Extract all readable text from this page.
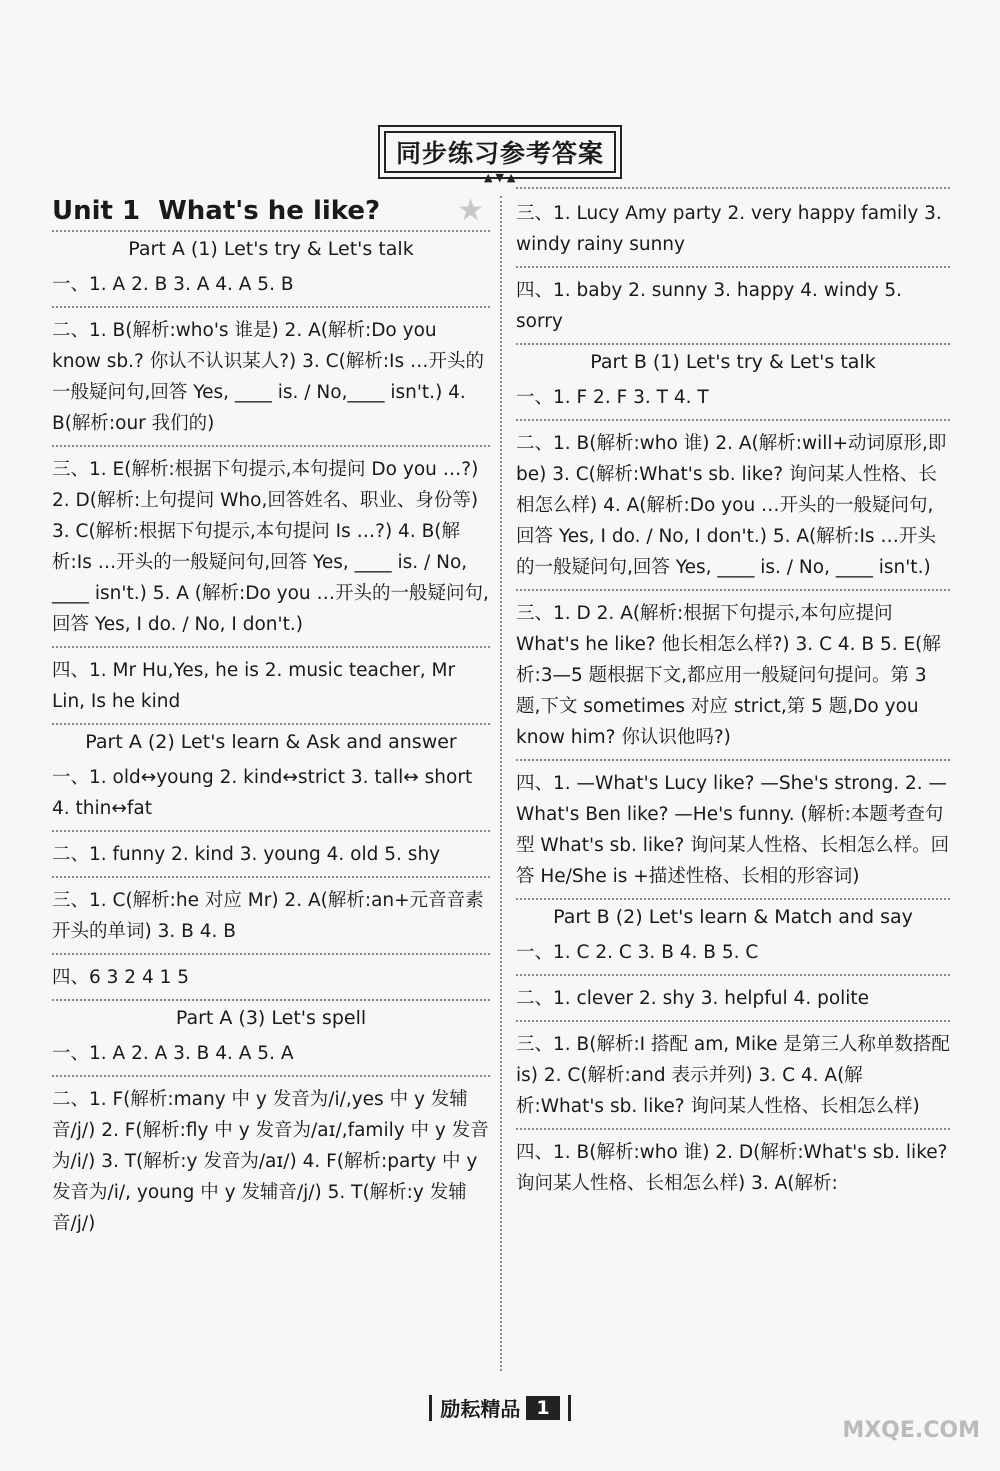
同步练习参考答案
▲▼▲
Unit 1 What's he like?	★
Part A (1) Let's try & Let's talk
一、1. A 2. B 3. A 4. A 5. B
二、1. B(解析:who's 谁是) 2. A(解析:Do you know sb.? 你认不认识某人?) 3. C(解析:Is …开头的一般疑问句,回答 Yes, ____ is. / No,____ isn't.) 4. B(解析:our 我们的)
三、1. E(解析:根据下句提示,本句提问 Do you …?) 2. D(解析:上句提问 Who,回答姓名、职业、身份等) 3. C(解析:根据下句提示,本句提问 Is …?) 4. B(解析:Is …开头的一般疑问句,回答 Yes, ____ is. / No, ____ isn't.) 5. A (解析:Do you …开头的一般疑问句,回答 Yes, I do. / No, I don't.)
四、1. Mr Hu,Yes, he is 2. music teacher, Mr Lin, Is he kind
Part A (2) Let's learn & Ask and answer
一、1. old↔young 2. kind↔strict 3. tall↔ short 4. thin↔fat
二、1. funny 2. kind 3. young 4. old 5. shy
三、1. C(解析:he 对应 Mr) 2. A(解析:an+元音音素开头的单词) 3. B 4. B
四、6 3 2 4 1 5
Part A (3) Let's spell
一、1. A 2. A 3. B 4. A 5. A
二、1. F(解析:many 中 y 发音为/i/,yes 中 y 发辅音/j/) 2. F(解析:fly 中 y 发音为/aɪ/,family 中 y 发音为/i/) 3. T(解析:y 发音为/aɪ/) 4. F(解析:party 中 y 发音为/i/, young 中 y 发辅音/j/) 5. T(解析:y 发辅音/j/)
三、1. Lucy Amy party 2. very happy family 3. windy rainy sunny
四、1. baby 2. sunny 3. happy 4. windy 5. sorry
Part B (1) Let's try & Let's talk
一、1. F 2. F 3. T 4. T
二、1. B(解析:who 谁) 2. A(解析:will+动词原形,即 be) 3. C(解析:What's sb. like? 询问某人性格、长相怎么样) 4. A(解析:Do you …开头的一般疑问句,回答 Yes, I do. / No, I don't.) 5. A(解析:Is …开头的一般疑问句,回答 Yes, ____ is. / No, ____ isn't.)
三、1. D 2. A(解析:根据下句提示,本句应提问 What's he like? 他长相怎么样?) 3. C 4. B 5. E(解析:3—5 题根据下文,都应用一般疑问句提问。第 3 题,下文 sometimes 对应 strict,第 5 题,Do you know him? 你认识他吗?)
四、1. —What's Lucy like? —She's strong. 2. —What's Ben like? —He's funny. (解析:本题考查句型 What's sb. like? 询问某人性格、长相怎么样。回答 He/She is +描述性格、长相的形容词)
Part B (2) Let's learn & Match and say
一、1. C 2. C 3. B 4. B 5. C
二、1. clever 2. shy 3. helpful 4. polite
三、1. B(解析:I 搭配 am, Mike 是第三人称单数搭配 is) 2. C(解析:and 表示并列) 3. C 4. A(解析:What's sb. like? 询问某人性格、长相怎么样)
四、1. B(解析:who 谁) 2. D(解析:What's sb. like? 询问某人性格、长相怎么样) 3. A(解析:
励耘精品 1
MXQE.COM
